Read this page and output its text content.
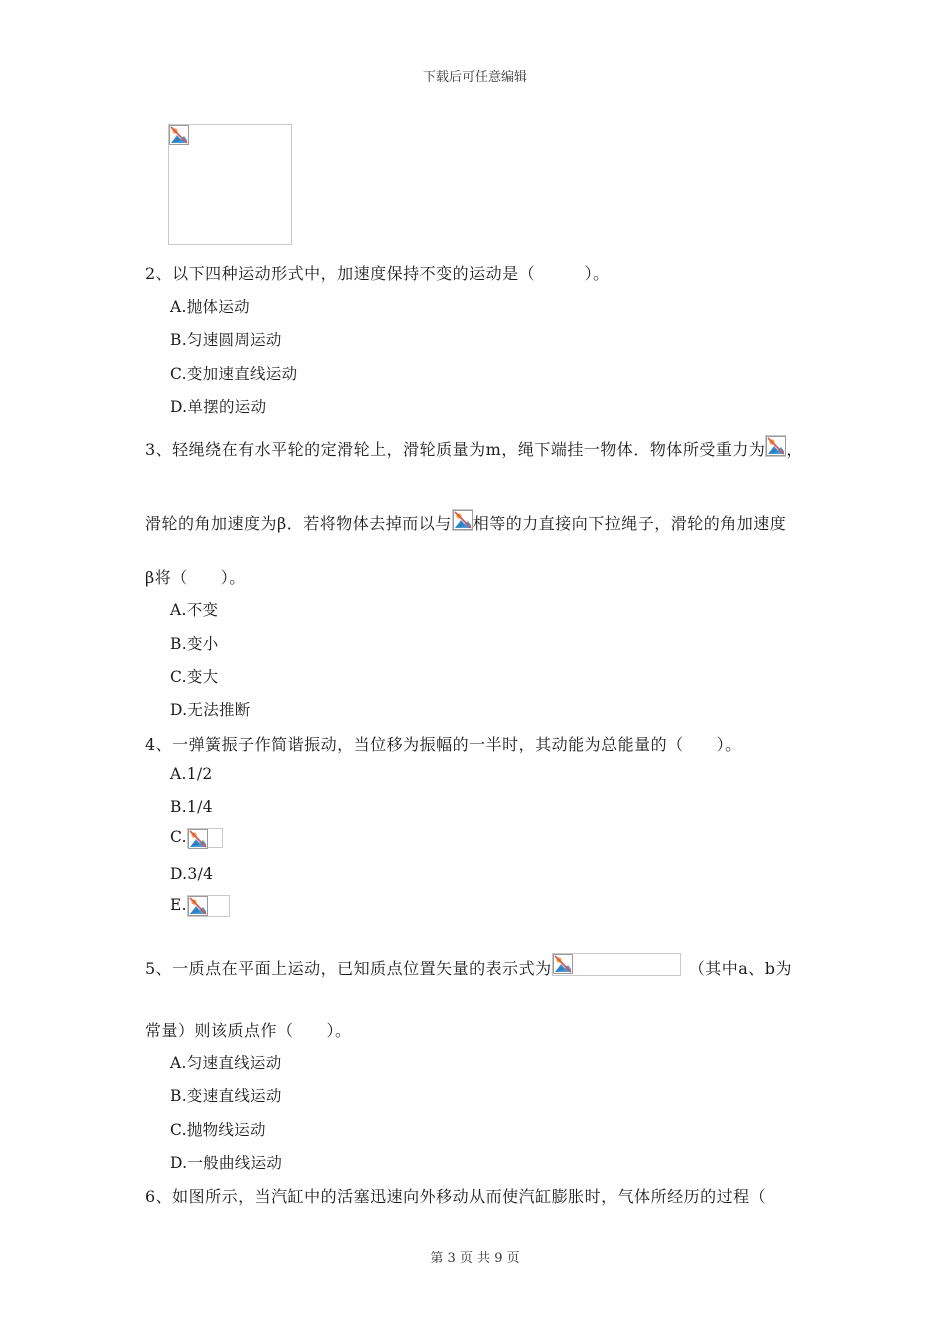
下载后可任意编辑
2、以下四种运动形式中，加速度保持不变的运动是（　　　）。
A.抛体运动
B.匀速圆周运动
C.变加速直线运动
D.单摆的运动
3、轻绳绕在有水平轮的定滑轮上，滑轮质量为m，绳下端挂一物体．物体所受重力为 ，
滑轮的角加速度为β．若将物体去掉而以与 相等的力直接向下拉绳子，滑轮的角加速度
β将（　　）。
A.不变
B.变小
C.变大
D.无法推断
4、一弹簧振子作简谐振动，当位移为振幅的一半时，其动能为总能量的（　　）。
A.1/2
B.1/4
C.
D.3/4
E.
5、一质点在平面上运动，已知质点位置矢量的表示式为	（其中a、b为
常量）则该质点作（　　）。
A.匀速直线运动
B.变速直线运动
C.抛物线运动
D.一般曲线运动
6、如图所示，当汽缸中的活塞迅速向外移动从而使汽缸膨胀时，气体所经历的过程（
第 3 页 共 9 页
